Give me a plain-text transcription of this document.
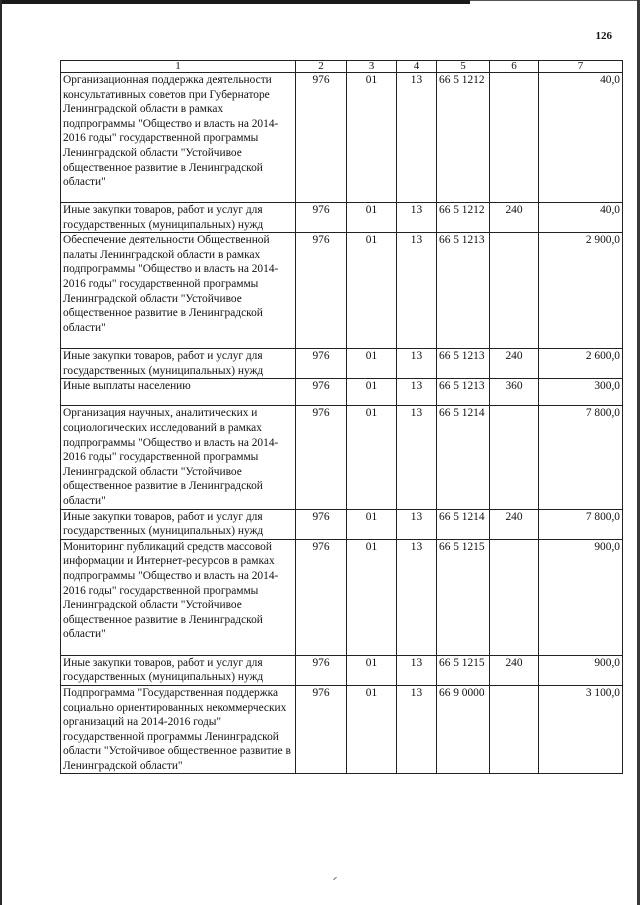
126
1	2	3	4	5	6	7
Организационная поддержка деятельности консультативных советов при Губернаторе Ленинградской области в рамках подпрограммы "Общество и власть на 2014-2016 годы" государственной программы Ленинградской области "Устойчивое общественное развитие в Ленинградской области"	976	01	13	66 5 1212		40,0
Иные закупки товаров, работ и услуг для государственных (муниципальных) нужд	976	01	13	66 5 1212	240	40,0
Обеспечение деятельности Общественной палаты Ленинградской области в рамках подпрограммы "Общество и власть на 2014-2016 годы" государственной программы Ленинградской области "Устойчивое общественное развитие в Ленинградской области"	976	01	13	66 5 1213		2 900,0
Иные закупки товаров, работ и услуг для государственных (муниципальных) нужд	976	01	13	66 5 1213	240	2 600,0
Иные выплаты населению	976	01	13	66 5 1213	360	300,0
Организация научных, аналитических и социологических исследований в рамках подпрограммы "Общество и власть на 2014-2016 годы" государственной программы Ленинградской области "Устойчивое общественное развитие в Ленинградской области"	976	01	13	66 5 1214		7 800,0
Иные закупки товаров, работ и услуг для государственных (муниципальных) нужд	976	01	13	66 5 1214	240	7 800,0
Мониторинг публикаций средств массовой информации и Интернет-ресурсов в рамках подпрограммы "Общество и власть на 2014-2016 годы" государственной программы Ленинградской области "Устойчивое общественное развитие в Ленинградской области"	976	01	13	66 5 1215		900,0
Иные закупки товаров, работ и услуг для государственных (муниципальных) нужд	976	01	13	66 5 1215	240	900,0
Подпрограмма "Государственная поддержка социально ориентированных некоммерческих организаций на 2014-2016 годы" государственной программы Ленинградской области "Устойчивое общественное развитие в Ленинградской области"	976	01	13	66 9 0000		3 100,0
